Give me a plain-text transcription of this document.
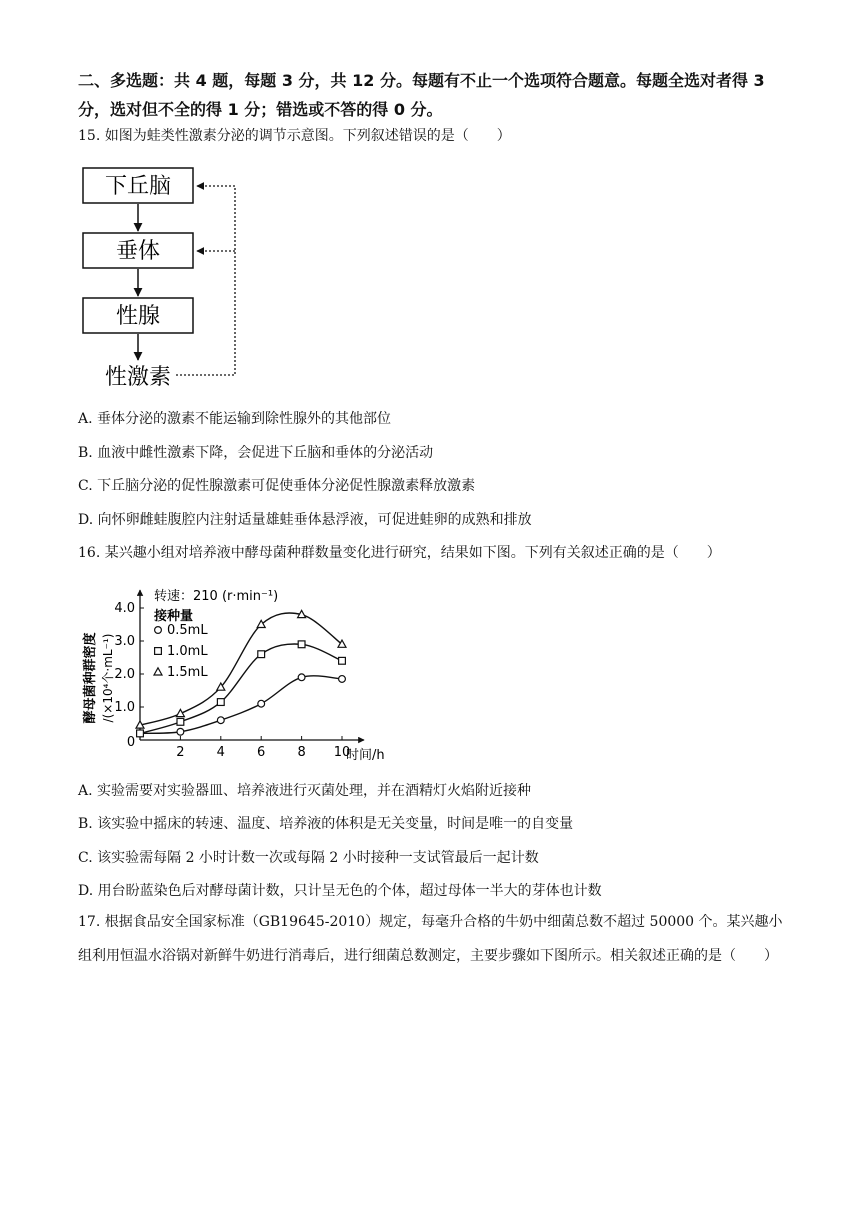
二、多选题：共 4 题，每题 3 分，共 12 分。每题有不止一个选项符合题意。每题全选对者得 3 分，选对但不全的得 1 分；错选或不答的得 0 分。
15. 如图为蛙类性激素分泌的调节示意图。下列叙述错误的是（　　）
下丘脑
垂体
性腺
性激素
A. 垂体分泌的激素不能运输到除性腺外的其他部位
B. 血液中雌性激素下降，会促进下丘脑和垂体的分泌活动
C. 下丘脑分泌的促性腺激素可促使垂体分泌促性腺激素释放激素
D. 向怀卵雌蛙腹腔内注射适量雄蛙垂体悬浮液，可促进蛙卵的成熟和排放
16. 某兴趣小组对培养液中酵母菌种群数量变化进行研究，结果如下图。下列有关叙述正确的是（　　）
酵母菌种群密度 /(×10⁴个·mL⁻¹)
转速：210 (r·min⁻¹)
接种量
0.5mL
1.0mL
1.5mL
0
1.0
2.0
3.0
4.0
2 4 6 8 10
时间/h
A. 实验需要对实验器皿、培养液进行灭菌处理，并在酒精灯火焰附近接种
B. 该实验中摇床的转速、温度、培养液的体积是无关变量，时间是唯一的自变量
C. 该实验需每隔 2 小时计数一次或每隔 2 小时接种一支试管最后一起计数
D. 用台盼蓝染色后对酵母菌计数，只计呈无色的个体，超过母体一半大的芽体也计数
17. 根据食品安全国家标准（GB19645-2010）规定，每毫升合格的牛奶中细菌总数不超过 50000 个。某兴趣小组利用恒温水浴锅对新鲜牛奶进行消毒后，进行细菌总数测定，主要步骤如下图所示。相关叙述正确的是（　　）
